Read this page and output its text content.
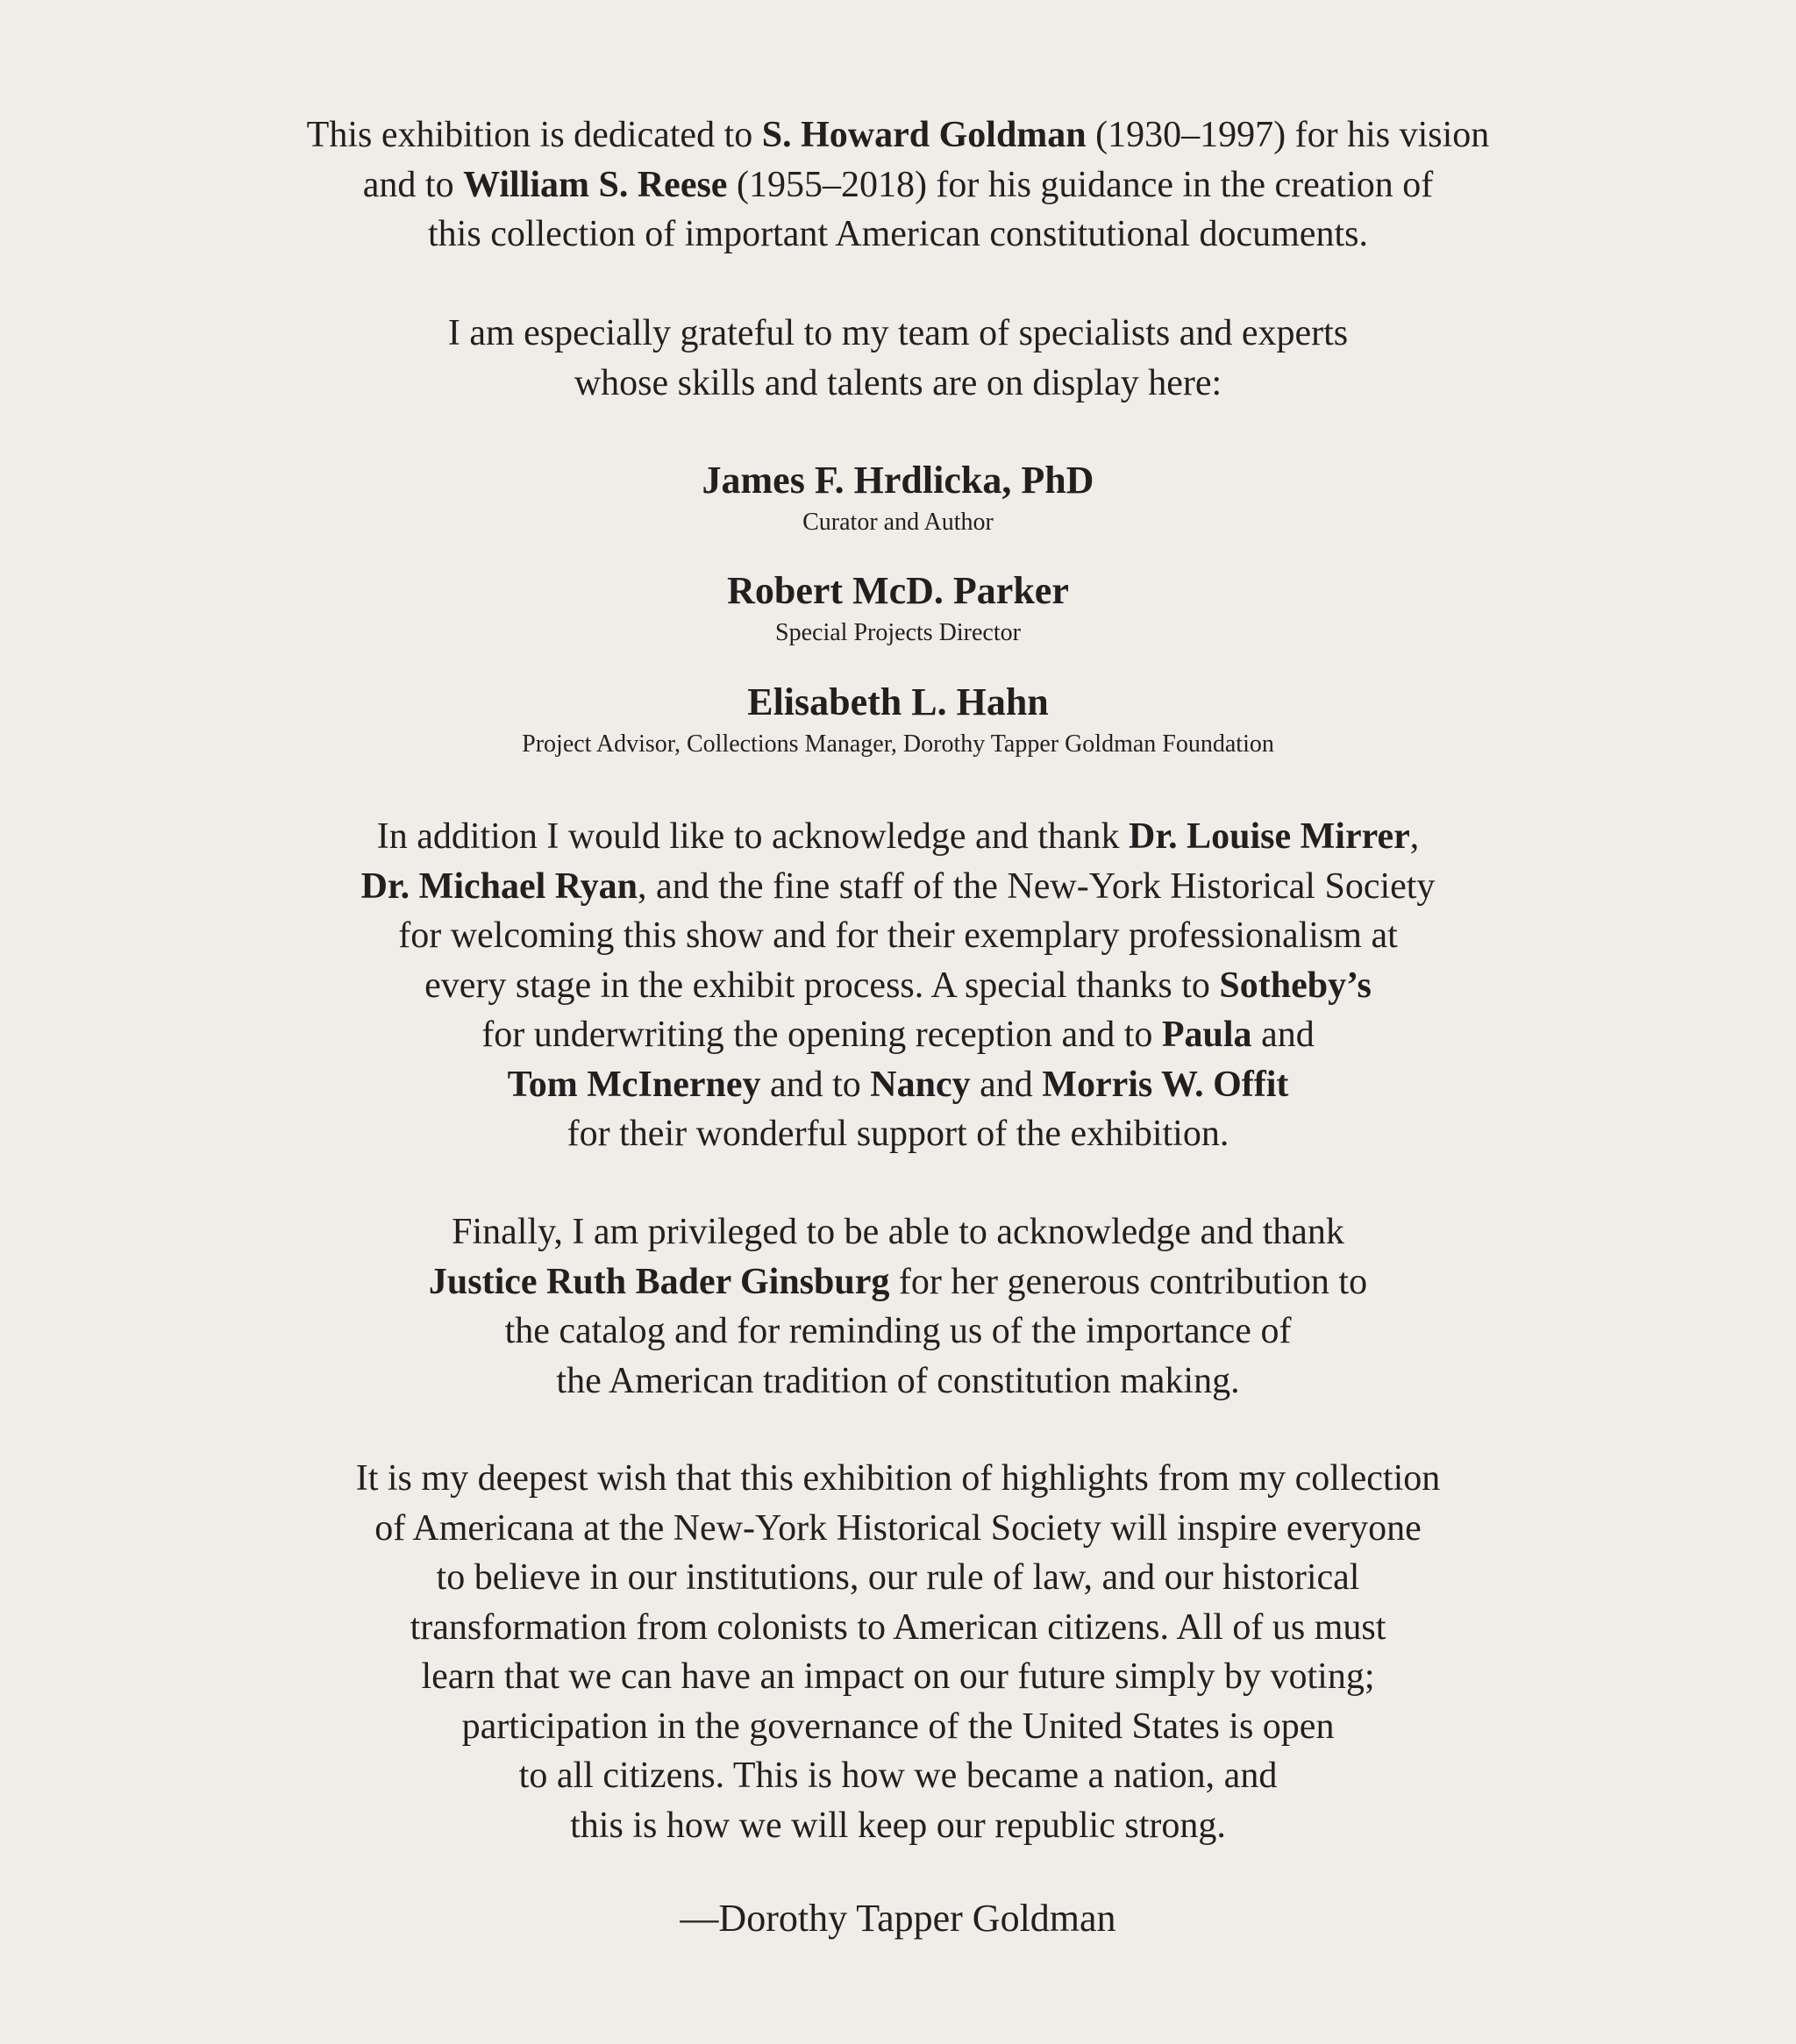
This exhibition is dedicated to S. Howard Goldman (1930–1997) for his vision
and to William S. Reese (1955–2018) for his guidance in the creation of
this collection of important American constitutional documents.

I am especially grateful to my team of specialists and experts
whose skills and talents are on display here:

James F. Hrdlicka, PhD
Curator and Author
Robert McD. Parker
Special Projects Director
Elisabeth L. Hahn
Project Advisor, Collections Manager, Dorothy Tapper Goldman Foundation

In addition I would like to acknowledge and thank Dr. Louise Mirrer,
Dr. Michael Ryan, and the fine staff of the New-York Historical Society
for welcoming this show and for their exemplary professionalism at
every stage in the exhibit process. A special thanks to Sotheby’s
for underwriting the opening reception and to Paula and
Tom McInerney and to Nancy and Morris W. Offit
for their wonderful support of the exhibition.

Finally, I am privileged to be able to acknowledge and thank
Justice Ruth Bader Ginsburg for her generous contribution to
the catalog and for reminding us of the importance of
the American tradition of constitution making.

It is my deepest wish that this exhibition of highlights from my collection
of Americana at the New-York Historical Society will inspire everyone
to believe in our institutions, our rule of law, and our historical
transformation from colonists to American citizens. All of us must
learn that we can have an impact on our future simply by voting;
participation in the governance of the United States is open
to all citizens. This is how we became a nation, and
this is how we will keep our republic strong.

—Dorothy Tapper Goldman
